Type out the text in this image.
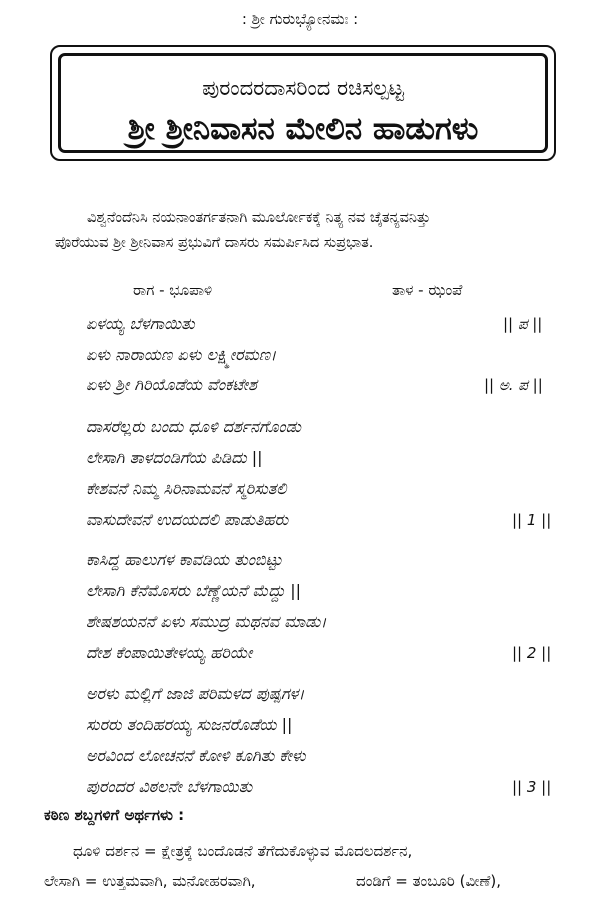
: ಶ್ರೀ ಗುರುಭ್ಯೋನಮಃ :
ಪುರಂದರದಾಸರಿಂದ ರಚಿಸಲ್ಪಟ್ಟ
ಶ್ರೀ ಶ್ರೀನಿವಾಸನ ಮೇಲಿನ ಹಾಡುಗಳು

ವಿಶ್ವನೆಂದೆನಿಸಿ ನಯನಾಂತರ್ಗತನಾಗಿ ಮೂರ್ಲೋಕಕ್ಕೆ ನಿತ್ಯ ನವ ಚೈತನ್ಯವನಿತ್ತು

ಪೊರೆಯುವ ಶ್ರೀ ಶ್ರೀನಿವಾಸ ಪ್ರಭುವಿಗೆ ದಾಸರು ಸಮರ್ಪಿಸಿದ ಸುಪ್ರಭಾತ.

ರಾಗ - ಭೂಪಾಳಿ	ತಾಳ - ಝಂಪೆ
ಏಳಯ್ಯ ಬೆಳಗಾಯಿತು	|| ಪ ||
ಏಳು ನಾರಾಯಣ ಏಳು ಲಕ್ಷ್ಮೀರಮಣ।
ಏಳು ಶ್ರೀ ಗಿರಿಯೊಡೆಯ ವೆಂಕಟೇಶ	|| ಅ. ಪ ||
ದಾಸರೆಲ್ಲರು ಬಂದು ಧೂಳಿ ದರ್ಶನಗೊಂಡು
ಲೇಸಾಗಿ ತಾಳದಂಡಿಗೆಯ ಪಿಡಿದು ||
ಕೇಶವನೆ ನಿಮ್ಮ ಸಿರಿನಾಮವನೆ ಸ್ಮರಿಸುತಲಿ
ವಾಸುದೇವನೆ ಉದಯದಲಿ ಪಾಡುತಿಹರು	|| 1 ||
ಕಾಸಿದ್ದ ಹಾಲುಗಳ ಕಾವಡಿಯ ತುಂಬಿಟ್ಟು
ಲೇಸಾಗಿ ಕೆನೆಮೊಸರು ಬೆಣ್ಣೆಯನೆ ಮೆದ್ದು ||
ಶೇಷಶಯನನೆ ಏಳು ಸಮುದ್ರ ಮಥನವ ಮಾಡು।
ದೇಶ ಕೆಂಪಾಯಿತೇಳಯ್ಯ ಹರಿಯೇ	|| 2 ||
ಅರಳು ಮಲ್ಲಿಗೆ ಜಾಜಿ ಪರಿಮಳದ ಪುಷ್ಪಗಳ।
ಸುರರು ತಂದಿಹರಯ್ಯ ಸುಜನರೊಡೆಯ ||
ಅರವಿಂದ ಲೋಚನನೆ ಕೋಳಿ ಕೂಗಿತು ಕೇಳು
ಪುರಂದರ ವಿಠಲನೇ ಬೆಳಗಾಯಿತು	|| 3 ||
ಕಠಿಣ ಶಬ್ದಗಳಿಗೆ ಅರ್ಥಗಳು :
ಧೂಳಿ ದರ್ಶನ = ಕ್ಷೇತ್ರಕ್ಕೆ ಬಂದೊಡನೆ ತೆಗೆದುಕೊಳ್ಳುವ ಮೊದಲದರ್ಶನ,
ಲೇಸಾಗಿ = ಉತ್ತಮವಾಗಿ, ಮನೋಹರವಾಗಿ,	ದಂಡಿಗೆ = ತಂಬೂರಿ (ವೀಣೆ),
